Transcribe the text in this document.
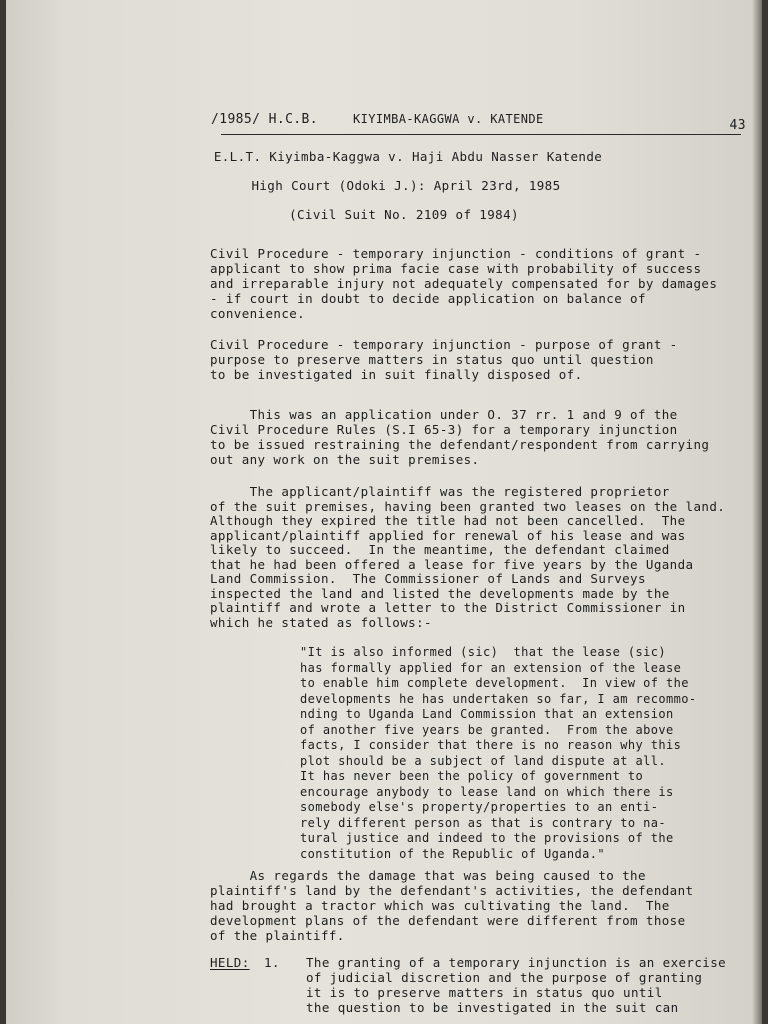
/1985/ H.C.B.	KIYIMBA-KAGGWA v. KATENDE	43
E.L.T. Kiyimba-Kaggwa v. Haji Abdu Nasser Katende
High Court (Odoki J.): April 23rd, 1985
(Civil Suit No. 2109 of 1984)
Civil Procedure - temporary injunction - conditions of grant -
applicant to show prima facie case with probability of success
and irreparable injury not adequately compensated for by damages
- if court in doubt to decide application on balance of
convenience.
Civil Procedure - temporary injunction - purpose of grant -
purpose to preserve matters in status quo until question
to be investigated in suit finally disposed of.
This was an application under O. 37 rr. 1 and 9 of the
Civil Procedure Rules (S.I 65-3) for a temporary injunction
to be issued restraining the defendant/respondent from carrying
out any work on the suit premises.
The applicant/plaintiff was the registered proprietor
of the suit premises, having been granted two leases on the land.
Although they expired the title had not been cancelled.  The
applicant/plaintiff applied for renewal of his lease and was
likely to succeed.  In the meantime, the defendant claimed
that he had been offered a lease for five years by the Uganda
Land Commission.  The Commissioner of Lands and Surveys
inspected the land and listed the developments made by the
plaintiff and wrote a letter to the District Commissioner in
which he stated as follows:-
"It is also informed (sic)  that the lease (sic)
has formally applied for an extension of the lease
to enable him complete development.  In view of the
developments he has undertaken so far, I am recommo-
nding to Uganda Land Commission that an extension
of another five years be granted.  From the above
facts, I consider that there is no reason why this
plot should be a subject of land dispute at all.
It has never been the policy of government to
encourage anybody to lease land on which there is
somebody else's property/properties to an enti-
rely different person as that is contrary to na-
tural justice and indeed to the provisions of the
constitution of the Republic of Uganda."
As regards the damage that was being caused to the
plaintiff's land by the defendant's activities, the defendant
had brought a tractor which was cultivating the land.  The
development plans of the defendant were different from those
of the plaintiff.
HELD: 1. The granting of a temporary injunction is an exercise
of judicial discretion and the purpose of granting
it is to preserve matters in status quo until
the question to be investigated in the suit can
